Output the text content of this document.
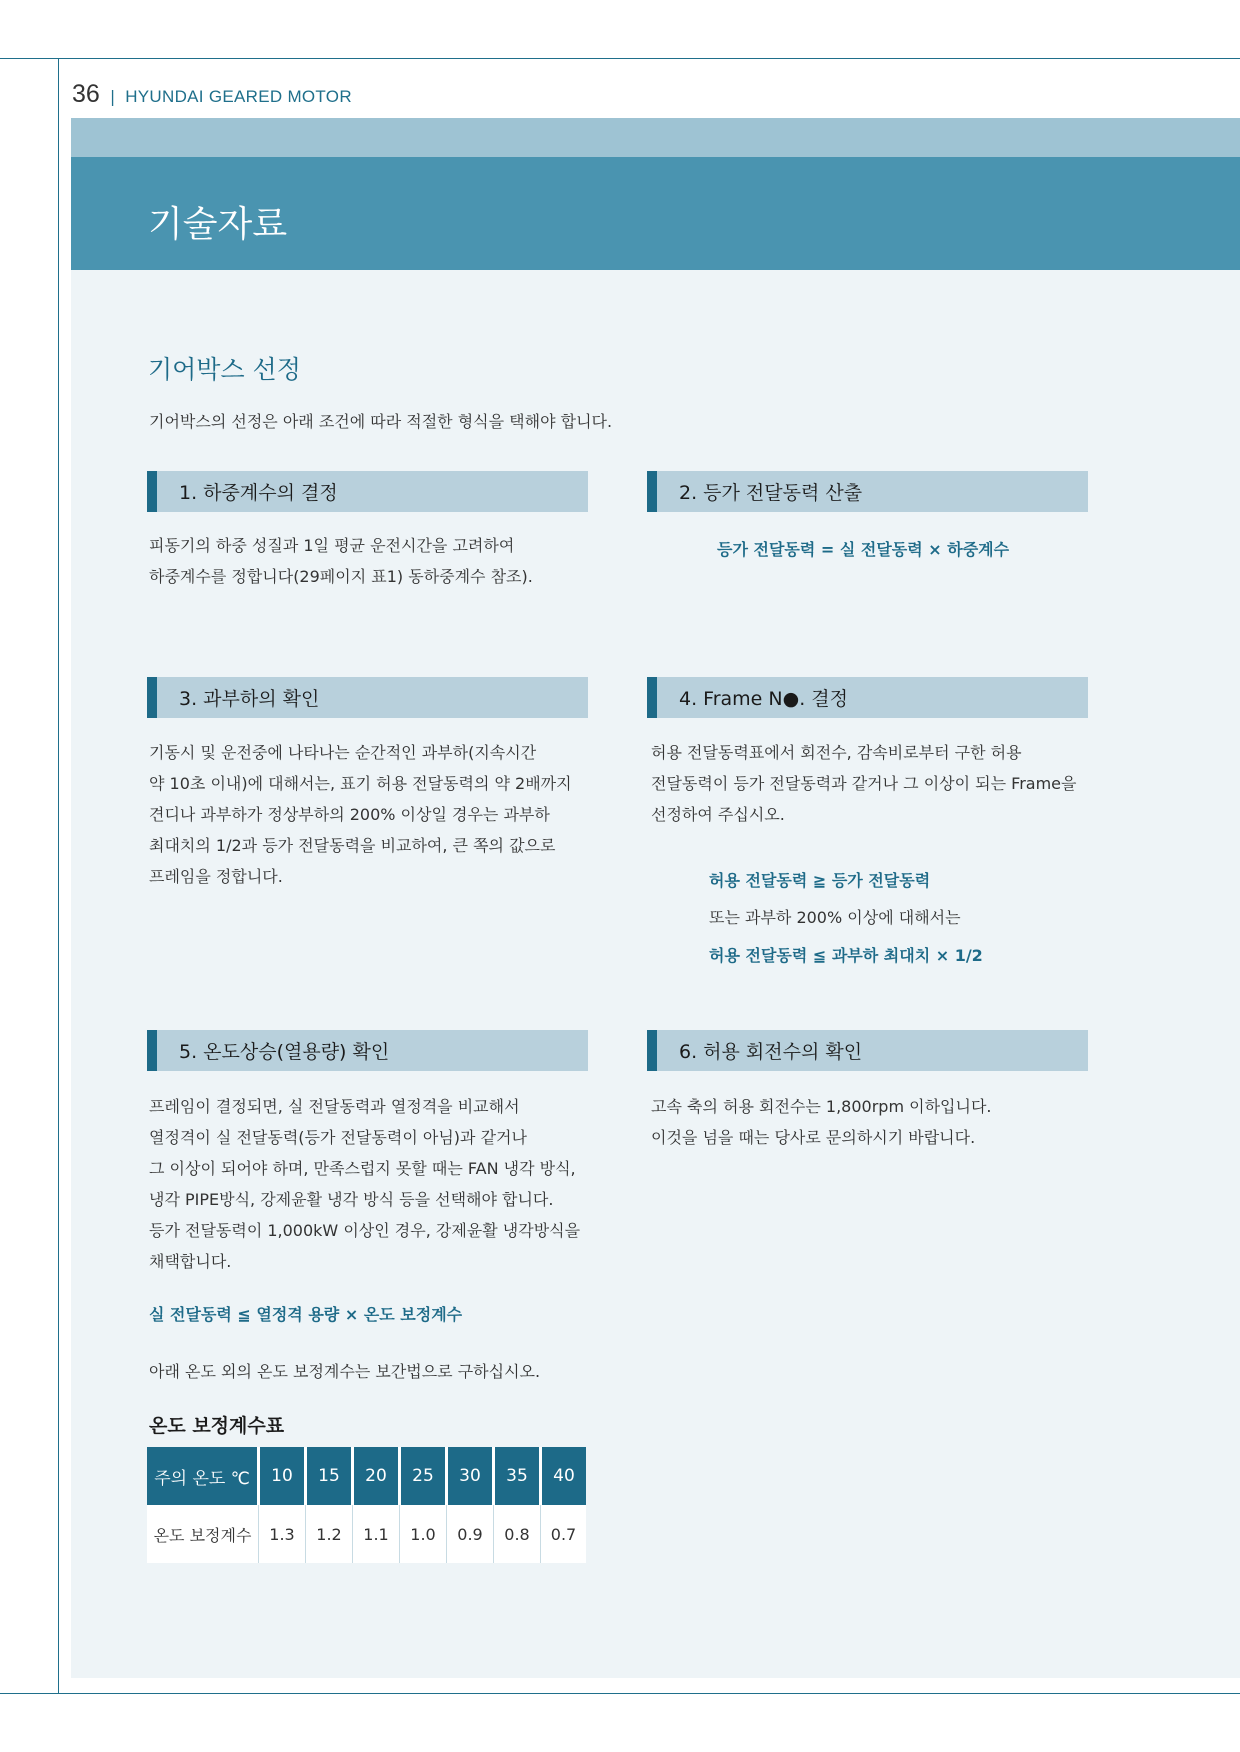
36 | HYUNDAI GEARED MOTOR
기술자료
기어박스 선정
기어박스의 선정은 아래 조건에 따라 적절한 형식을 택해야 합니다.
1. 하중계수의 결정

피동기의 하중 성질과 1일 평균 운전시간을 고려하여
하중계수를 정합니다(29페이지 표1) 동하중계수 참조).

2. 등가 전달동력 산출
등가 전달동력 = 실 전달동력 × 하중계수
3. 과부하의 확인

기동시 및 운전중에 나타나는 순간적인 과부하(지속시간
약 10초 이내)에 대해서는, 표기 허용 전달동력의 약 2배까지
견디나 과부하가 정상부하의 200% 이상일 경우는 과부하
최대치의 1/2과 등가 전달동력을 비교하여, 큰 쪽의 값으로
프레임을 정합니다.

4. Frame N●. 결정

허용 전달동력표에서 회전수, 감속비로부터 구한 허용
전달동력이 등가 전달동력과 같거나 그 이상이 되는 Frame을
선정하여 주십시오.

허용 전달동력 ≧ 등가 전달동력
또는 과부하 200% 이상에 대해서는
허용 전달동력 ≦ 과부하 최대치 × 1/2
5. 온도상승(열용량) 확인

프레임이 결정되면, 실 전달동력과 열정격을 비교해서
열정격이 실 전달동력(등가 전달동력이 아님)과 같거나
그 이상이 되어야 하며, 만족스럽지 못할 때는 FAN 냉각 방식,
냉각 PIPE방식, 강제윤활 냉각 방식 등을 선택해야 합니다.
등가 전달동력이 1,000kW 이상인 경우, 강제윤활 냉각방식을
채택합니다.

실 전달동력 ≦ 열정격 용량 × 온도 보정계수
아래 온도 외의 온도 보정계수는 보간법으로 구하십시오.
6. 허용 회전수의 확인

고속 축의 허용 회전수는 1,800rpm 이하입니다.
이것을 넘을 때는 당사로 문의하시기 바랍니다.

온도 보정계수표
주의 온도 ℃	10	15	20	25	30	35	40
온도 보정계수	1.3	1.2	1.1	1.0	0.9	0.8	0.7
